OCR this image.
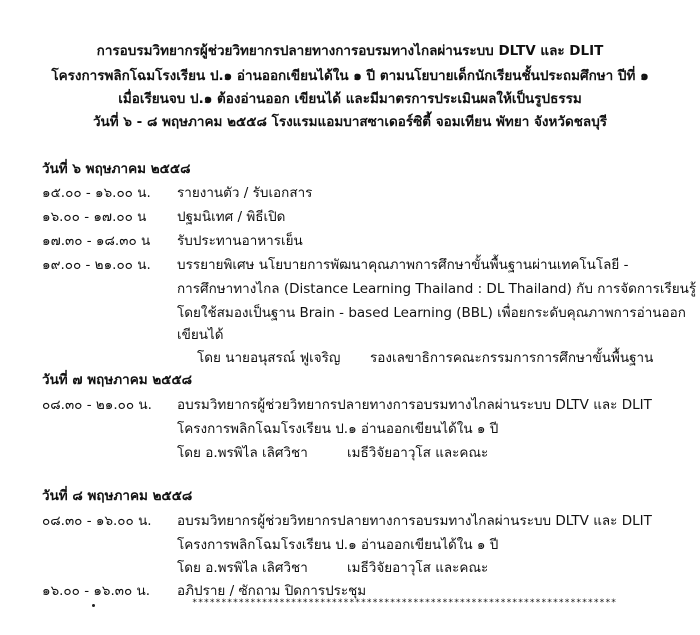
การอบรมวิทยากรผู้ช่วยวิทยากรปลายทางการอบรมทางไกลผ่านระบบ DLTV และ DLIT
โครงการพลิกโฉมโรงเรียน ป.๑ อ่านออกเขียนได้ใน ๑ ปี ตามนโยบายเด็กนักเรียนชั้นประถมศึกษา ปีที่ ๑
เมื่อเรียนจบ ป.๑ ต้องอ่านออก เขียนได้ และมีมาตรการประเมินผลให้เป็นรูปธรรม
วันที่ ๖ - ๘ พฤษภาคม ๒๕๕๘ โรงแรมแอมบาสซาเดอร์ซิตี้ จอมเทียน พัทยา จังหวัดชลบุรี
วันที่ ๖ พฤษภาคม ๒๕๕๘
๑๕.๐๐ - ๑๖.๐๐ น. รายงานตัว / รับเอกสาร
๑๖.๐๐ - ๑๗.๐๐ น ปฐมนิเทศ / พิธีเปิด
๑๗.๓๐ - ๑๘.๓๐ น รับประทานอาหารเย็น
๑๙.๐๐ - ๒๑.๐๐ น. บรรยายพิเศษ นโยบายการพัฒนาคุณภาพการศึกษาขั้นพื้นฐานผ่านเทคโนโลยี -
การศึกษาทางไกล (Distance Learning Thailand : DL Thailand) กับ การจัดการเรียนรู้
โดยใช้สมองเป็นฐาน Brain - based Learning (BBL) เพื่อยกระดับคุณภาพการอ่านออก
เขียนได้
โดย นายอนุสรณ์ ฟูเจริญ รองเลขาธิการคณะกรรมการการศึกษาขั้นพื้นฐาน
วันที่ ๗ พฤษภาคม ๒๕๕๘
๐๘.๓๐ - ๒๑.๐๐ น. อบรมวิทยากรผู้ช่วยวิทยากรปลายทางการอบรมทางไกลผ่านระบบ DLTV และ DLIT
โครงการพลิกโฉมโรงเรียน ป.๑ อ่านออกเขียนได้ใน ๑ ปี
โดย อ.พรพิไล เลิศวิชา	เมธีวิจัยอาวุโส และคณะ
วันที่ ๘ พฤษภาคม ๒๕๕๘
๐๘.๓๐ - ๑๖.๐๐ น. อบรมวิทยากรผู้ช่วยวิทยากรปลายทางการอบรมทางไกลผ่านระบบ DLTV และ DLIT
โครงการพลิกโฉมโรงเรียน ป.๑ อ่านออกเขียนได้ใน ๑ ปี
โดย อ.พรพิไล เลิศวิชา	เมธีวิจัยอาวุโส และคณะ
๑๖.๐๐ - ๑๖.๓๐ น. อภิปราย / ซักถาม ปิดการประชุม
*************************************************************************
